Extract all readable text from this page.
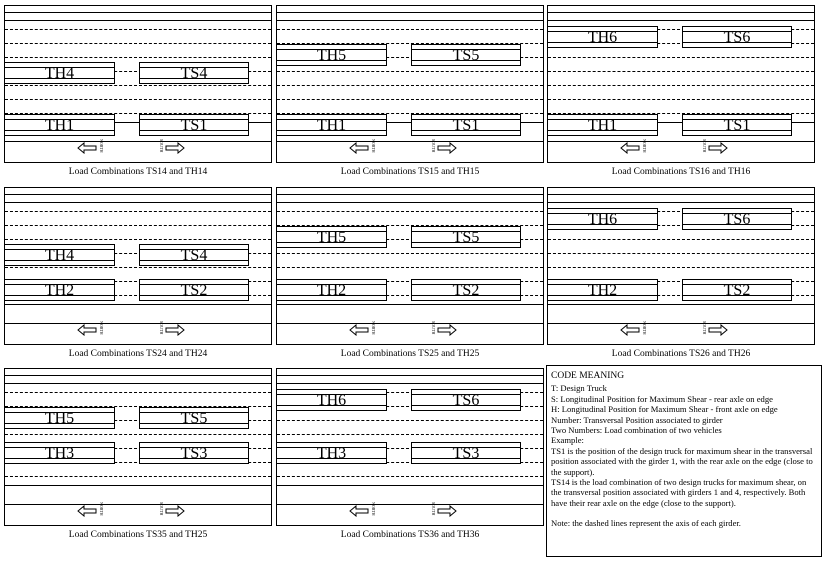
TH4	TS4
TH1	TS1
NORTH	SOUTH
Load Combinations TS14 and TH14
TH5	TS5
TH1	TS1
NORTH	SOUTH
Load Combinations TS15 and TH15
TH6	TS6
TH1	TS1
NORTH	SOUTH
Load Combinations TS16 and TH16
TH4	TS4
TH2	TS2
NORTH	SOUTH
Load Combinations TS24 and TH24
TH5	TS5
TH2	TS2
NORTH	SOUTH
Load Combinations TS25 and TH25
TH6	TS6
TH2	TS2
NORTH	SOUTH
Load Combinations TS26 and TH26
TH5	TS5
TH3	TS3
NORTH	SOUTH
Load Combinations TS35 and TH25
TH6	TS6
TH3	TS3
NORTH	SOUTH
Load Combinations TS36 and TH36
CODE MEANING
T: Design Truck
S: Longitudinal Position for Maximum Shear - rear axle on edge
H: Longitudinal Position for Maximum Shear - front axle on edge
Number: Transversal Position associated to girder
Two Numbers: Load combination of two vehicles
Example:
TS1 is the position of the design truck for maximum shear in the transversal position associated with the girder 1, with the rear axle on the edge (close to the support).
TS14 is the load combination of two design trucks for maximum shear, on the transversal position associated with girders 1 and 4, respectively. Both have their rear axle on the edge (close to the support).
Note: the dashed lines represent the axis of each girder.
